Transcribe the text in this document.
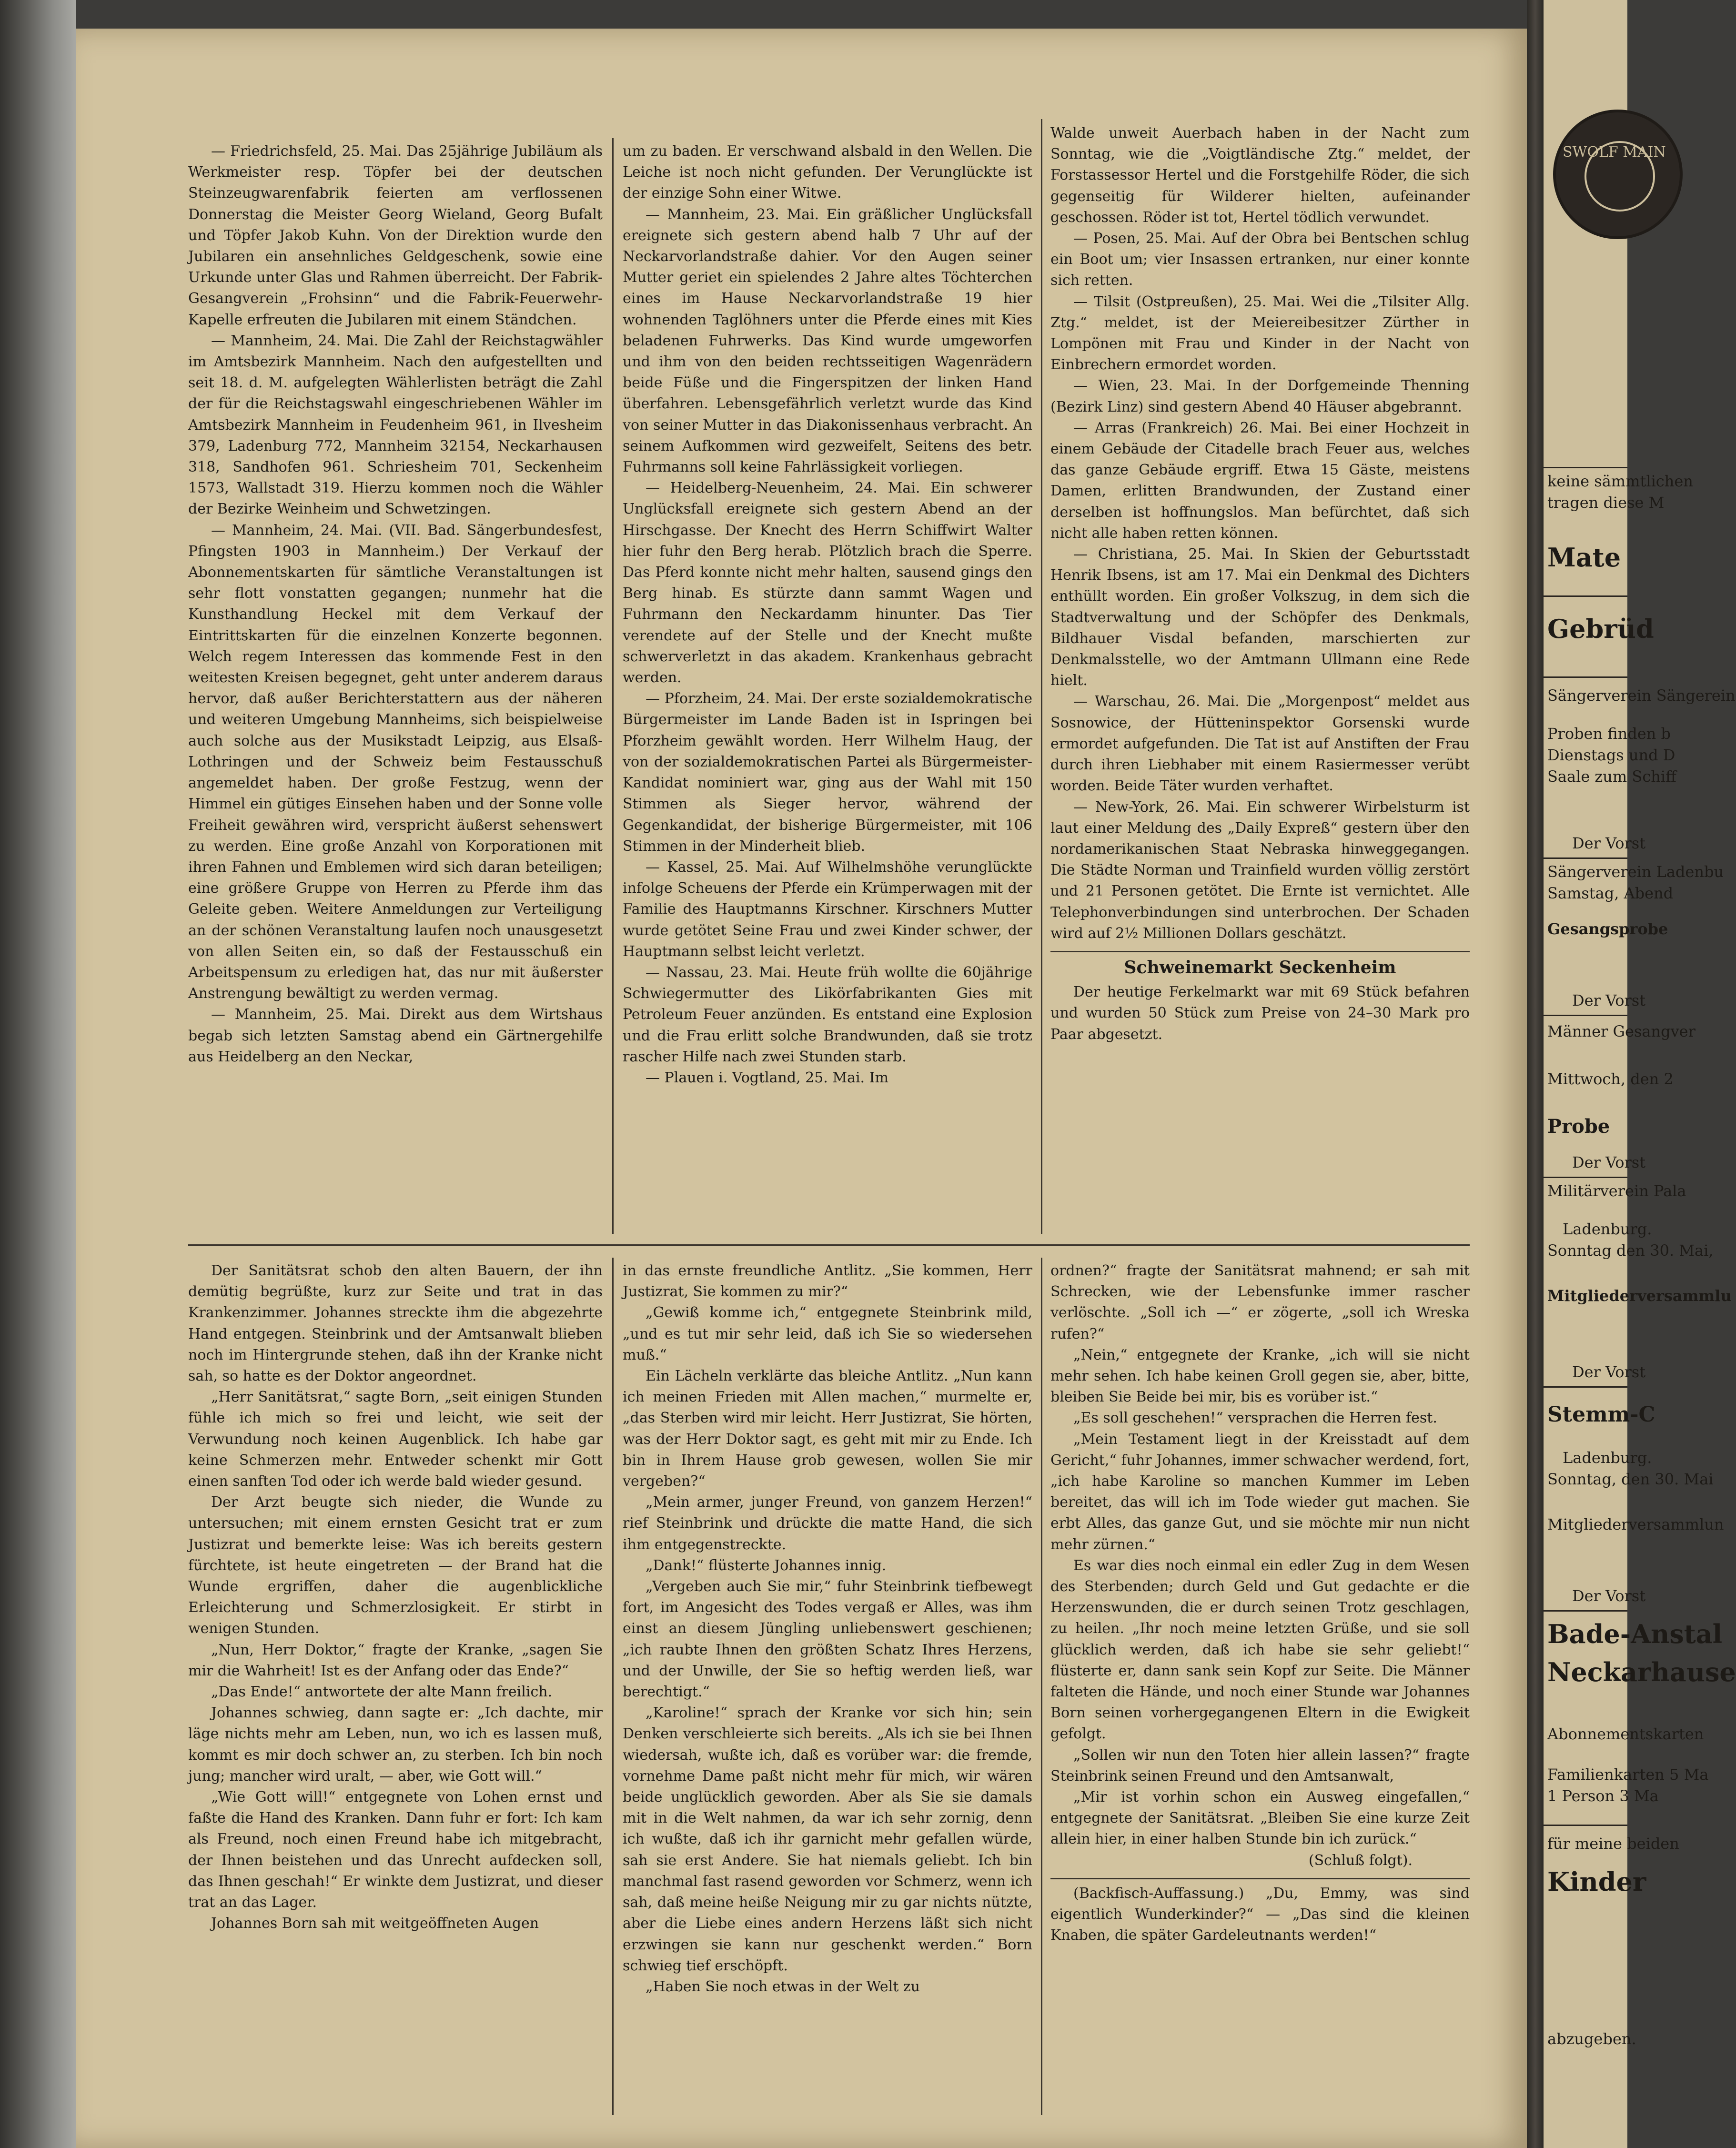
— Friedrichsfeld, 25. Mai. Das 25jährige Jubiläum als Werkmeister resp. Töpfer bei der deutschen Steinzeugwarenfabrik feierten am verflossenen Donnerstag die Meister Georg Wieland, Georg Bufalt und Töpfer Jakob Kuhn. Von der Direktion wurde den Jubilaren ein ansehnliches Geldgeschenk, sowie eine Urkunde unter Glas und Rahmen überreicht. Der Fabrik-Gesangverein „Frohsinn“ und die Fabrik-Feuerwehr-Kapelle erfreuten die Jubilaren mit einem Ständchen.

— Mannheim, 24. Mai. Die Zahl der Reichstagwähler im Amtsbezirk Mannheim. Nach den aufgestellten und seit 18. d. M. aufgelegten Wählerlisten beträgt die Zahl der für die Reichstagswahl eingeschriebenen Wähler im Amtsbezirk Mannheim in Feudenheim 961, in Ilvesheim 379, Ladenburg 772, Mannheim 32154, Neckarhausen 318, Sandhofen 961. Schriesheim 701, Seckenheim 1573, Wallstadt 319. Hierzu kommen noch die Wähler der Bezirke Weinheim und Schwetzingen.

— Mannheim, 24. Mai. (VII. Bad. Sängerbundesfest, Pfingsten 1903 in Mannheim.) Der Verkauf der Abonnementskarten für sämtliche Veranstaltungen ist sehr flott vonstatten gegangen; nunmehr hat die Kunsthandlung Heckel mit dem Verkauf der Eintrittskarten für die einzelnen Konzerte begonnen. Welch regem Interessen das kommende Fest in den weitesten Kreisen begegnet, geht unter anderem daraus hervor, daß außer Berichterstattern aus der näheren und weiteren Umgebung Mannheims, sich beispielweise auch solche aus der Musikstadt Leipzig, aus Elsaß-Lothringen und der Schweiz beim Festausschuß angemeldet haben. Der große Festzug, wenn der Himmel ein gütiges Einsehen haben und der Sonne volle Freiheit gewähren wird, verspricht äußerst sehenswert zu werden. Eine große Anzahl von Korporationen mit ihren Fahnen und Emblemen wird sich daran beteiligen; eine größere Gruppe von Herren zu Pferde ihm das Geleite geben. Weitere Anmeldungen zur Verteiligung an der schönen Veranstaltung laufen noch unausgesetzt von allen Seiten ein, so daß der Festausschuß ein Arbeitspensum zu erledigen hat, das nur mit äußerster Anstrengung bewältigt zu werden vermag.

— Mannheim, 25. Mai. Direkt aus dem Wirtshaus begab sich letzten Samstag abend ein Gärtnergehilfe aus Heidelberg an den Neckar,

um zu baden. Er verschwand alsbald in den Wellen. Die Leiche ist noch nicht gefunden. Der Verunglückte ist der einzige Sohn einer Witwe.

— Mannheim, 23. Mai. Ein gräßlicher Unglücksfall ereignete sich gestern abend halb 7 Uhr auf der Neckarvorlandstraße dahier. Vor den Augen seiner Mutter geriet ein spielendes 2 Jahre altes Töchterchen eines im Hause Neckarvorlandstraße 19 hier wohnenden Taglöhners unter die Pferde eines mit Kies beladenen Fuhrwerks. Das Kind wurde umgeworfen und ihm von den beiden rechtsseitigen Wagenrädern beide Füße und die Fingerspitzen der linken Hand überfahren. Lebensgefährlich verletzt wurde das Kind von seiner Mutter in das Diakonissenhaus verbracht. An seinem Aufkommen wird gezweifelt, Seitens des betr. Fuhrmanns soll keine Fahrlässigkeit vorliegen.

— Heidelberg-Neuenheim, 24. Mai. Ein schwerer Unglücksfall ereignete sich gestern Abend an der Hirschgasse. Der Knecht des Herrn Schiffwirt Walter hier fuhr den Berg herab. Plötzlich brach die Sperre. Das Pferd konnte nicht mehr halten, sausend gings den Berg hinab. Es stürzte dann sammt Wagen und Fuhrmann den Neckardamm hinunter. Das Tier verendete auf der Stelle und der Knecht mußte schwerverletzt in das akadem. Krankenhaus gebracht werden.

— Pforzheim, 24. Mai. Der erste sozialdemokratische Bürgermeister im Lande Baden ist in Ispringen bei Pforzheim gewählt worden. Herr Wilhelm Haug, der von der sozialdemokratischen Partei als Bürgermeister-Kandidat nominiert war, ging aus der Wahl mit 150 Stimmen als Sieger hervor, während der Gegenkandidat, der bisherige Bürgermeister, mit 106 Stimmen in der Minderheit blieb.

— Kassel, 25. Mai. Auf Wilhelmshöhe verunglückte infolge Scheuens der Pferde ein Krümperwagen mit der Familie des Hauptmanns Kirschner. Kirschners Mutter wurde getötet Seine Frau und zwei Kinder schwer, der Hauptmann selbst leicht verletzt.

— Nassau, 23. Mai. Heute früh wollte die 60jährige Schwiegermutter des Likörfabrikanten Gies mit Petroleum Feuer anzünden. Es entstand eine Explosion und die Frau erlitt solche Brandwunden, daß sie trotz rascher Hilfe nach zwei Stunden starb.

— Plauen i. Vogtland, 25. Mai. Im

Walde unweit Auerbach haben in der Nacht zum Sonntag, wie die „Voigtländische Ztg.“ meldet, der Forstassessor Hertel und die Forstgehilfe Röder, die sich gegenseitig für Wilderer hielten, aufeinander geschossen. Röder ist tot, Hertel tödlich verwundet.

— Posen, 25. Mai. Auf der Obra bei Bentschen schlug ein Boot um; vier Insassen ertranken, nur einer konnte sich retten.

— Tilsit (Ostpreußen), 25. Mai. Wei die „Tilsiter Allg. Ztg.“ meldet, ist der Meiereibesitzer Zürther in Lompönen mit Frau und Kinder in der Nacht von Einbrechern ermordet worden.

— Wien, 23. Mai. In der Dorfgemeinde Thenning (Bezirk Linz) sind gestern Abend 40 Häuser abgebrannt.

— Arras (Frankreich) 26. Mai. Bei einer Hochzeit in einem Gebäude der Citadelle brach Feuer aus, welches das ganze Gebäude ergriff. Etwa 15 Gäste, meistens Damen, erlitten Brandwunden, der Zustand einer derselben ist hoffnungslos. Man befürchtet, daß sich nicht alle haben retten können.

— Christiana, 25. Mai. In Skien der Geburtsstadt Henrik Ibsens, ist am 17. Mai ein Denkmal des Dichters enthüllt worden. Ein großer Volkszug, in dem sich die Stadtverwaltung und der Schöpfer des Denkmals, Bildhauer Visdal befanden, marschierten zur Denkmalsstelle, wo der Amtmann Ullmann eine Rede hielt.

— Warschau, 26. Mai. Die „Morgenpost“ meldet aus Sosnowice, der Hütteninspektor Gorsenski wurde ermordet aufgefunden. Die Tat ist auf Anstiften der Frau durch ihren Liebhaber mit einem Rasiermesser verübt worden. Beide Täter wurden verhaftet.

— New-York, 26. Mai. Ein schwerer Wirbelsturm ist laut einer Meldung des „Daily Expreß“ gestern über den nordamerikanischen Staat Nebraska hinweggegangen. Die Städte Norman und Trainfield wurden völlig zerstört und 21 Personen getötet. Die Ernte ist vernichtet. Alle Telephonverbindungen sind unterbrochen. Der Schaden wird auf 2½ Millionen Dollars geschätzt.

Schweinemarkt Seckenheim

Der heutige Ferkelmarkt war mit 69 Stück befahren und wurden 50 Stück zum Preise von 24–30 Mark pro Paar abgesetzt.

Der Sanitätsrat schob den alten Bauern, der ihn demütig begrüßte, kurz zur Seite und trat in das Krankenzimmer. Johannes streckte ihm die abgezehrte Hand entgegen. Steinbrink und der Amtsanwalt blieben noch im Hintergrunde stehen, daß ihn der Kranke nicht sah, so hatte es der Doktor angeordnet.

„Herr Sanitätsrat,“ sagte Born, „seit einigen Stunden fühle ich mich so frei und leicht, wie seit der Verwundung noch keinen Augenblick. Ich habe gar keine Schmerzen mehr. Entweder schenkt mir Gott einen sanften Tod oder ich werde bald wieder gesund.

Der Arzt beugte sich nieder, die Wunde zu untersuchen; mit einem ernsten Gesicht trat er zum Justizrat und bemerkte leise: Was ich bereits gestern fürchtete, ist heute eingetreten — der Brand hat die Wunde ergriffen, daher die augenblickliche Erleichterung und Schmerzlosigkeit. Er stirbt in wenigen Stunden.

„Nun, Herr Doktor,“ fragte der Kranke, „sagen Sie mir die Wahrheit! Ist es der Anfang oder das Ende?“

„Das Ende!“ antwortete der alte Mann freilich.

Johannes schwieg, dann sagte er: „Ich dachte, mir läge nichts mehr am Leben, nun, wo ich es lassen muß, kommt es mir doch schwer an, zu sterben. Ich bin noch jung; mancher wird uralt, — aber, wie Gott will.“

„Wie Gott will!“ entgegnete von Lohen ernst und faßte die Hand des Kranken. Dann fuhr er fort: Ich kam als Freund, noch einen Freund habe ich mitgebracht, der Ihnen beistehen und das Unrecht aufdecken soll, das Ihnen geschah!“ Er winkte dem Justizrat, und dieser trat an das Lager.

Johannes Born sah mit weitgeöffneten Augen

in das ernste freundliche Antlitz. „Sie kommen, Herr Justizrat, Sie kommen zu mir?“

„Gewiß komme ich,“ entgegnete Steinbrink mild, „und es tut mir sehr leid, daß ich Sie so wiedersehen muß.“

Ein Lächeln verklärte das bleiche Antlitz. „Nun kann ich meinen Frieden mit Allen machen,“ murmelte er, „das Sterben wird mir leicht. Herr Justizrat, Sie hörten, was der Herr Doktor sagt, es geht mit mir zu Ende. Ich bin in Ihrem Hause grob gewesen, wollen Sie mir vergeben?“

„Mein armer, junger Freund, von ganzem Herzen!“ rief Steinbrink und drückte die matte Hand, die sich ihm entgegenstreckte.

„Dank!“ flüsterte Johannes innig.

„Vergeben auch Sie mir,“ fuhr Steinbrink tiefbewegt fort, im Angesicht des Todes vergaß er Alles, was ihm einst an diesem Jüngling unliebenswert geschienen; „ich raubte Ihnen den größten Schatz Ihres Herzens, und der Unwille, der Sie so heftig werden ließ, war berechtigt.“

„Karoline!“ sprach der Kranke vor sich hin; sein Denken verschleierte sich bereits. „Als ich sie bei Ihnen wiedersah, wußte ich, daß es vorüber war: die fremde, vornehme Dame paßt nicht mehr für mich, wir wären beide unglücklich geworden. Aber als Sie sie damals mit in die Welt nahmen, da war ich sehr zornig, denn ich wußte, daß ich ihr garnicht mehr gefallen würde, sah sie erst Andere. Sie hat niemals geliebt. Ich bin manchmal fast rasend geworden vor Schmerz, wenn ich sah, daß meine heiße Neigung mir zu gar nichts nützte, aber die Liebe eines andern Herzens läßt sich nicht erzwingen sie kann nur geschenkt werden.“ Born schwieg tief erschöpft.

„Haben Sie noch etwas in der Welt zu

ordnen?“ fragte der Sanitätsrat mahnend; er sah mit Schrecken, wie der Lebensfunke immer rascher verlöschte. „Soll ich —“ er zögerte, „soll ich Wreska rufen?“

„Nein,“ entgegnete der Kranke, „ich will sie nicht mehr sehen. Ich habe keinen Groll gegen sie, aber, bitte, bleiben Sie Beide bei mir, bis es vorüber ist.“

„Es soll geschehen!“ versprachen die Herren fest.

„Mein Testament liegt in der Kreisstadt auf dem Gericht,“ fuhr Johannes, immer schwacher werdend, fort, „ich habe Karoline so manchen Kummer im Leben bereitet, das will ich im Tode wieder gut machen. Sie erbt Alles, das ganze Gut, und sie möchte mir nun nicht mehr zürnen.“

Es war dies noch einmal ein edler Zug in dem Wesen des Sterbenden; durch Geld und Gut gedachte er die Herzenswunden, die er durch seinen Trotz geschlagen, zu heilen. „Ihr noch meine letzten Grüße, und sie soll glücklich werden, daß ich habe sie sehr geliebt!“ flüsterte er, dann sank sein Kopf zur Seite. Die Männer falteten die Hände, und noch einer Stunde war Johannes Born seinen vorhergegangenen Eltern in die Ewigkeit gefolgt.

„Sollen wir nun den Toten hier allein lassen?“ fragte Steinbrink seinen Freund und den Amtsanwalt,

„Mir ist vorhin schon ein Ausweg eingefallen,“ entgegnete der Sanitätsrat. „Bleiben Sie eine kurze Zeit allein hier, in einer halben Stunde bin ich zurück.“

(Schluß folgt).

(Backfisch-Auffassung.) „Du, Emmy, was sind eigentlich Wunderkinder?“ — „Das sind die kleinen Knaben, die später Gardeleutnants werden!“

SWOLF MAIN
keine sämmtlichen
tragen diese M
Mate
Gebrüd
Sängerverein Sängerein
Proben finden b
Dienstags und D
Saale zum Schiff
Der Vorst
Sängerverein Ladenbu
Samstag, Abend
Gesangsprobe
Der Vorst
Männer Gesangver
Mittwoch, den 2
Probe
Der Vorst
Militärverein Pala
Ladenburg.
Sonntag den 30. Mai,
Mitgliederversammlu
Der Vorst
Stemm-C
Ladenburg.
Sonntag, den 30. Mai
Mitgliederversammlun
Der Vorst
Bade-Anstal
Neckarhause
Abonnementskarten
Familienkarten 5 Ma
1 Person 3 Ma
für meine beiden
Kinder
abzugeben.
